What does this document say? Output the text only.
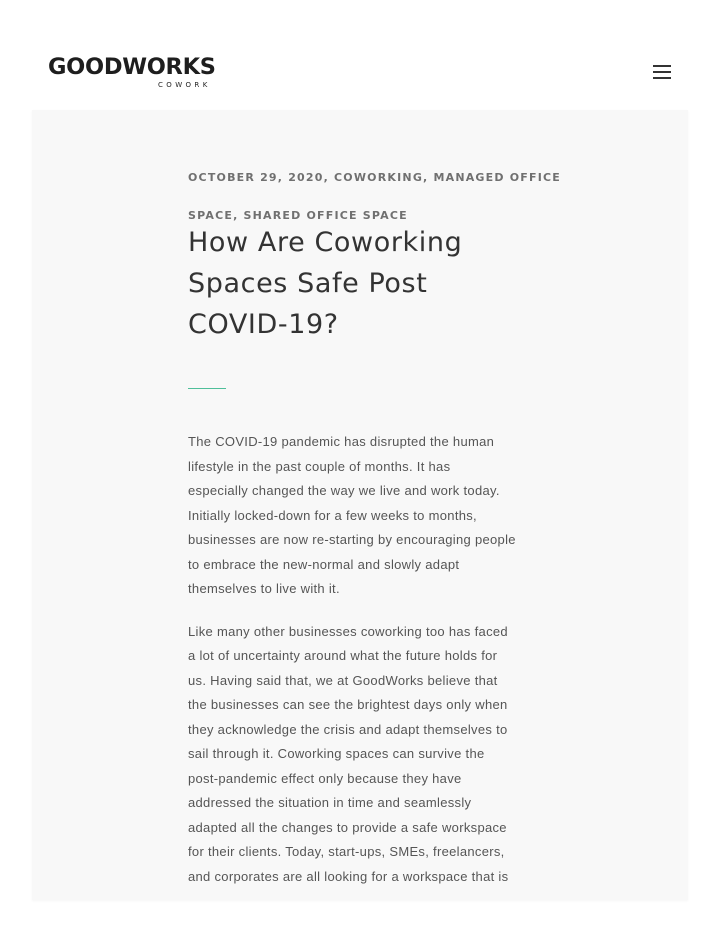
GOODWORKS
COWORK
OCTOBER 29, 2020, COWORKING, MANAGED OFFICE
SPACE, SHARED OFFICE SPACE
How Are Coworking
Spaces Safe Post
COVID-19?

The COVID-19 pandemic has disrupted the human
lifestyle in the past couple of months. It has
especially changed the way we live and work today.
Initially locked-down for a few weeks to months,
businesses are now re-starting by encouraging people
to embrace the new-normal and slowly adapt
themselves to live with it.

Like many other businesses coworking too has faced
a lot of uncertainty around what the future holds for
us. Having said that, we at GoodWorks believe that
the businesses can see the brightest days only when
they acknowledge the crisis and adapt themselves to
sail through it. Coworking spaces can survive the
post-pandemic effect only because they have
addressed the situation in time and seamlessly
adapted all the changes to provide a safe workspace
for their clients. Today, start-ups, SMEs, freelancers,
and corporates are all looking for a workspace that is
